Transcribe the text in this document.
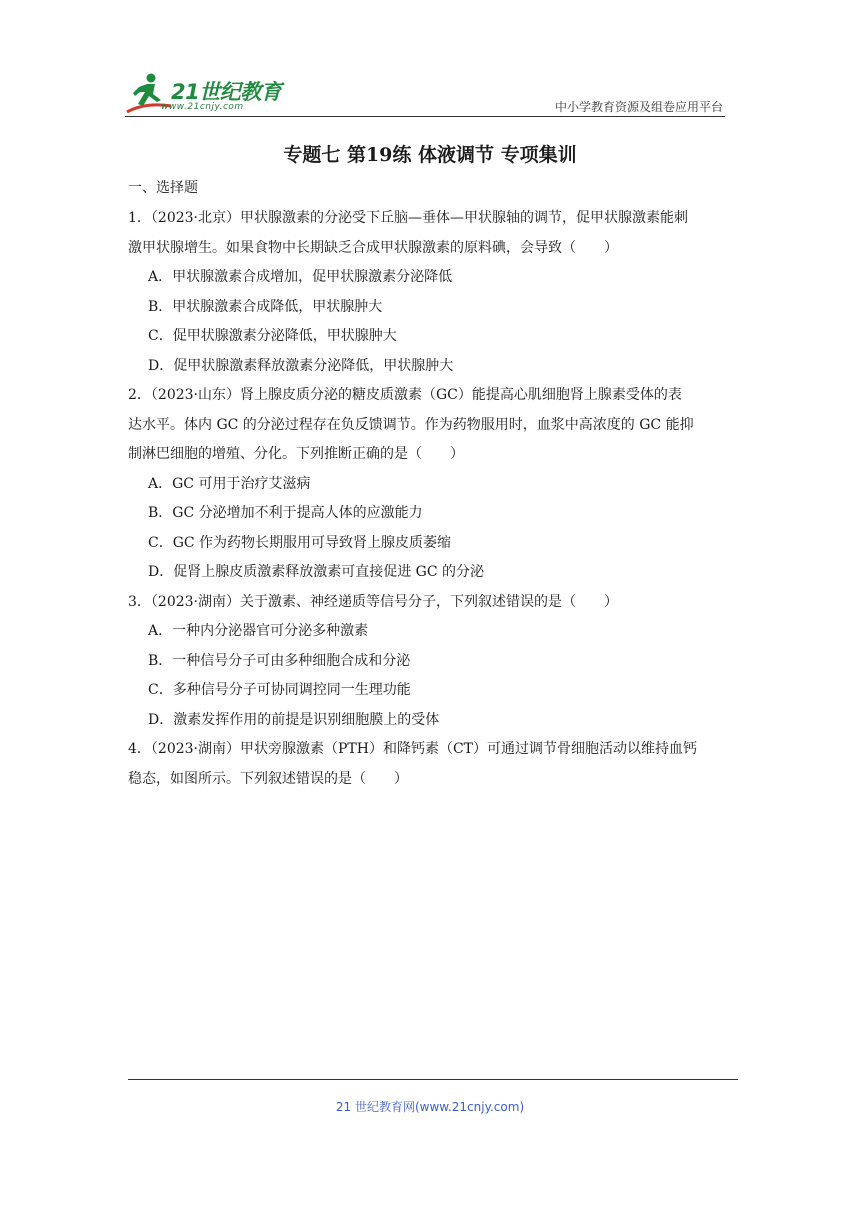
21世纪教育
www.21cnjy.com	中小学教育资源及组卷应用平台
专题七 第19练 体液调节 专项集训
一、选择题
1．（2023·北京）甲状腺激素的分泌受下丘脑—垂体—甲状腺轴的调节，促甲状腺激素能刺
激甲状腺增生。如果食物中长期缺乏合成甲状腺激素的原料碘，会导致（　　）
A．甲状腺激素合成增加，促甲状腺激素分泌降低
B．甲状腺激素合成降低，甲状腺肿大
C．促甲状腺激素分泌降低，甲状腺肿大
D．促甲状腺激素释放激素分泌降低，甲状腺肿大
2．（2023·山东）肾上腺皮质分泌的糖皮质激素（GC）能提高心肌细胞肾上腺素受体的表
达水平。体内 GC 的分泌过程存在负反馈调节。作为药物服用时，血浆中高浓度的 GC 能抑
制淋巴细胞的增殖、分化。下列推断正确的是（　　）
A．GC 可用于治疗艾滋病
B．GC 分泌增加不利于提高人体的应激能力
C．GC 作为药物长期服用可导致肾上腺皮质萎缩
D．促肾上腺皮质激素释放激素可直接促进 GC 的分泌
3．（2023·湖南）关于激素、神经递质等信号分子，下列叙述错误的是（　　）
A．一种内分泌器官可分泌多种激素
B．一种信号分子可由多种细胞合成和分泌
C．多种信号分子可协同调控同一生理功能
D．激素发挥作用的前提是识别细胞膜上的受体
4．（2023·湖南）甲状旁腺激素（PTH）和降钙素（CT）可通过调节骨细胞活动以维持血钙
稳态，如图所示。下列叙述错误的是（　　）
21 世纪教育网(www.21cnjy.com)
